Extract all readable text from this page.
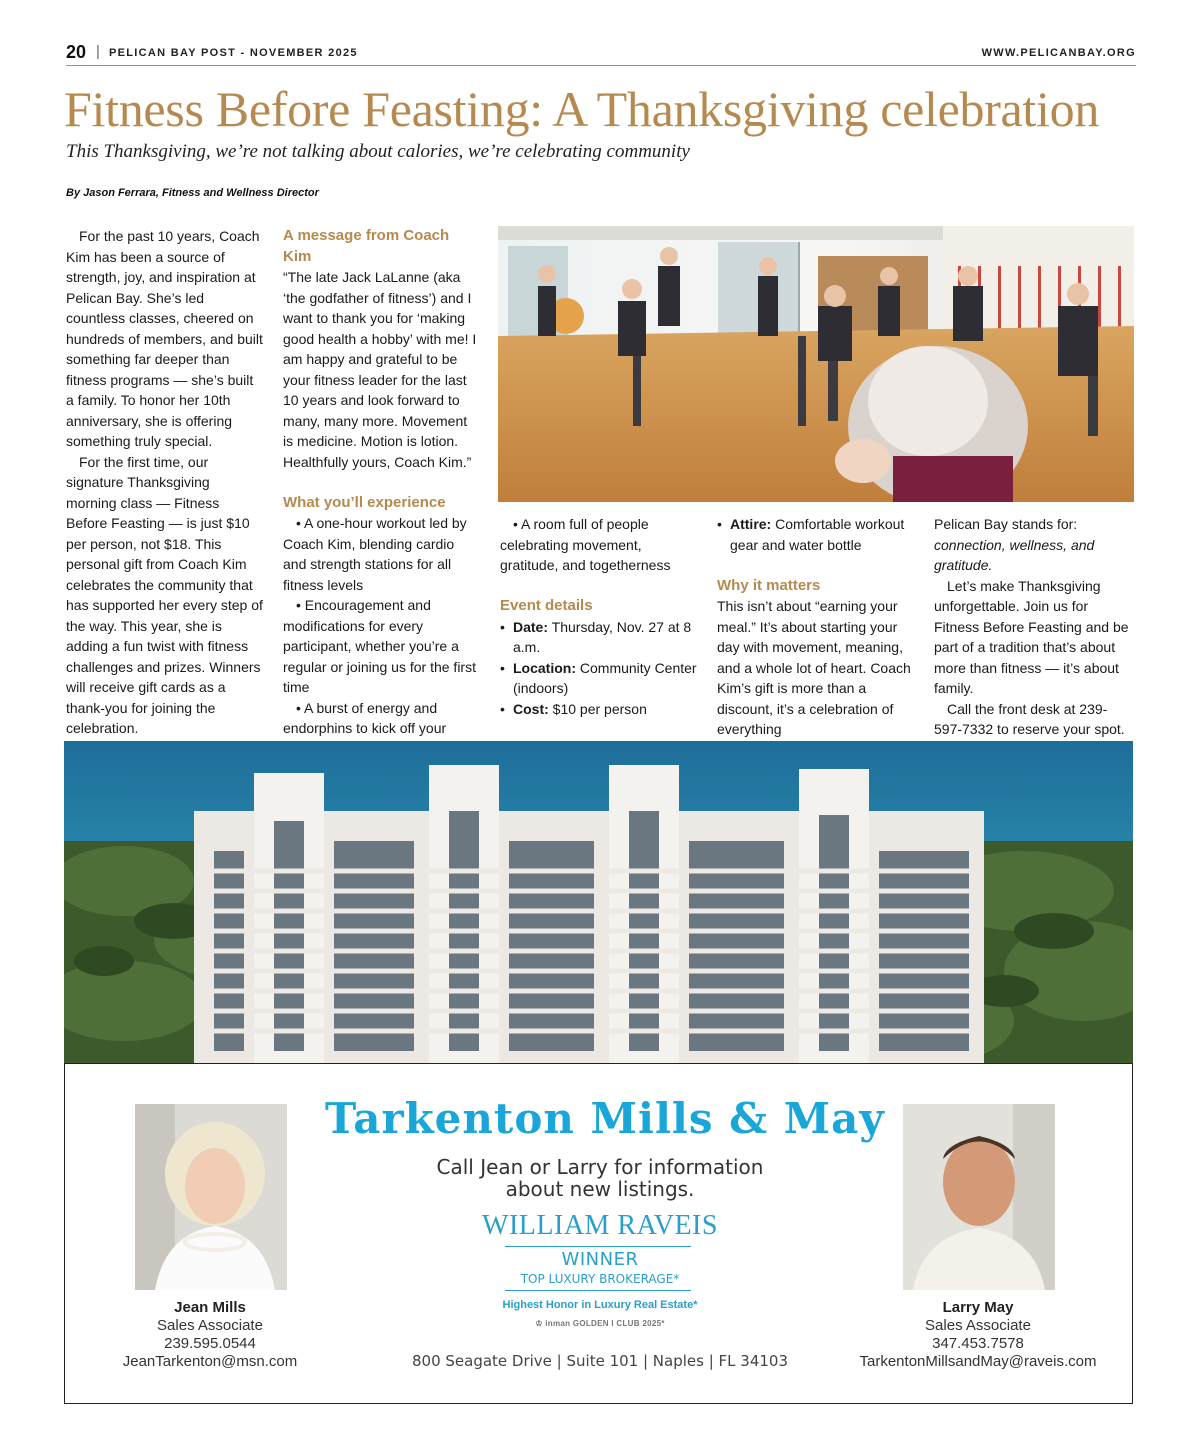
20 | PELICAN BAY POST - NOVEMBER 2025	WWW.PELICANBAY.ORG
Fitness Before Feasting: A Thanksgiving celebration
This Thanksgiving, we’re not talking about calories, we’re celebrating community
By Jason Ferrara, Fitness and Wellness Director

For the past 10 years, Coach Kim has been a source of strength, joy, and inspiration at Pelican Bay. She’s led countless classes, cheered on hundreds of members, and built something far deeper than fitness programs — she’s built a family. To honor her 10th anniversary, she is offering something truly special.

For the first time, our signature Thanksgiving morning class — Fitness Before Feasting — is just $10 per person, not $18. This personal gift from Coach Kim celebrates the community that has supported her every step of the way. This year, she is adding a fun twist with fitness challenges and prizes. Winners will receive gift cards as a thank-you for joining the celebration.

A message from Coach Kim

“The late Jack LaLanne (aka ‘the godfather of fitness’) and I want to thank you for ‘making good health a hobby’ with me! I am happy and grateful to be your fitness leader for the last 10 years and look forward to many, many more. Movement is medicine. Motion is lotion. Healthfully yours, Coach Kim.”

What you’ll experience

• A one-hour workout led by Coach Kim, blending cardio and strength stations for all fitness levels

• Encouragement and modifications for every participant, whether you’re a regular or joining us for the first time

• A burst of energy and endorphins to kick off your

• A room full of people celebrating movement, gratitude, and togetherness

Event details
• Date: Thursday, Nov. 27 at 8 a.m.
• Location: Community Center (indoors)
• Cost: $10 per person
• Attire: Comfortable workout gear and water bottle
Why it matters

This isn’t about “earning your meal.” It’s about starting your day with movement, meaning, and a whole lot of heart. Coach Kim’s gift is more than a discount, it’s a celebration of everything

Pelican Bay stands for: connection, wellness, and gratitude.

Let’s make Thanksgiving unforgettable. Join us for Fitness Before Feasting and be part of a tradition that’s about more than fitness — it’s about family.

Call the front desk at 239-597-7332 to reserve your spot.

Jean Mills
Sales Associate
239.595.0544
JeanTarkenton@msn.com
Tarkenton Mills & May
Call Jean or Larry for information
about new listings.
WILLIAM RAVEIS
WINNER
TOP LUXURY BROKERAGE*
Highest Honor in Luxury Real Estate*
♔ inman GOLDEN I CLUB 2025*
800 Seagate Drive | Suite 101 | Naples | FL 34103
Larry May
Sales Associate
347.453.7578
TarkentonMillsandMay@raveis.com
